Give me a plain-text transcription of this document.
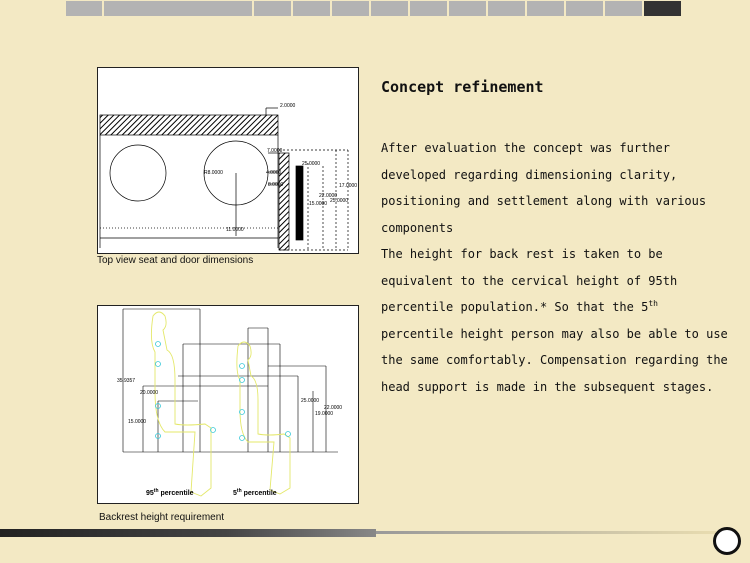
2.0000
7.0000
4.0000
8.0000
25.0000
17.0000
22.0000
25.0000
15.0000
11.0000
R8.0000
Top view seat and door dimensions
35.9357
20.0000
15.0000
25.0000
22.0000
19.0000
95th percentile	5th percentile
Backrest height requirement
Concept refinement

After evaluation the concept was further developed regarding dimensioning clarity, positioning and settlement along with various components

The height for back rest is taken to be equivalent to the cervical height of 95th percentile population.* So that the 5th percentile height person may also be able to use the same comfortably. Compensation regarding the head support is made in the subsequent stages.
